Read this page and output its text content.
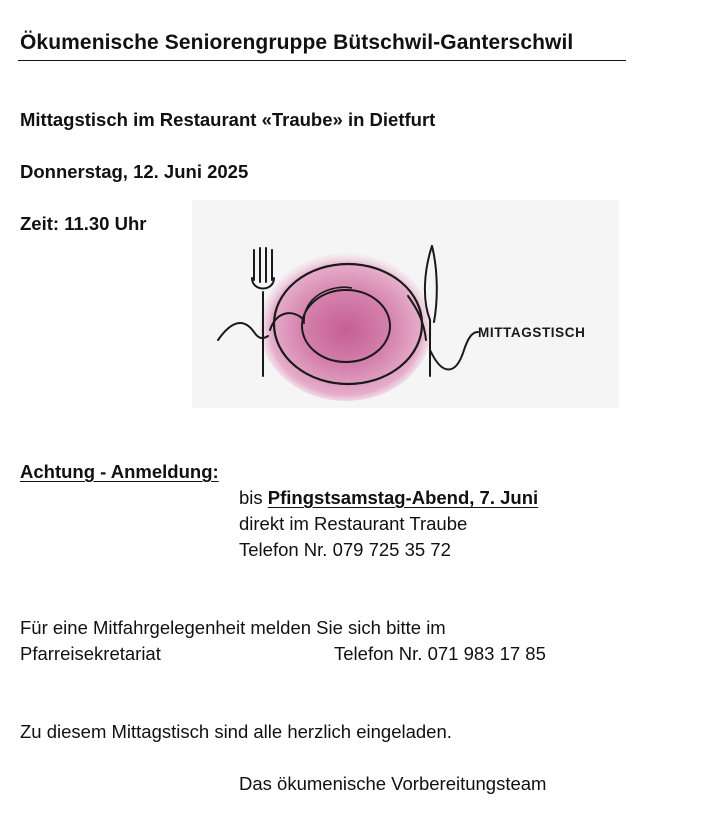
Ökumenische Seniorengruppe Bütschwil-Ganterschwil
Mittagstisch im Restaurant «Traube» in Dietfurt
Donnerstag, 12. Juni 2025
Zeit: 11.30 Uhr
MITTAGSTISCH
Achtung - Anmeldung:
bis Pfingstsamstag-Abend, 7. Juni
direkt im Restaurant Traube
Telefon Nr. 079 725 35 72
Für eine Mitfahrgelegenheit melden Sie sich bitte im
Pfarreisekretariat	Telefon Nr. 071 983 17 85
Zu diesem Mittagstisch sind alle herzlich eingeladen.
Das ökumenische Vorbereitungsteam
